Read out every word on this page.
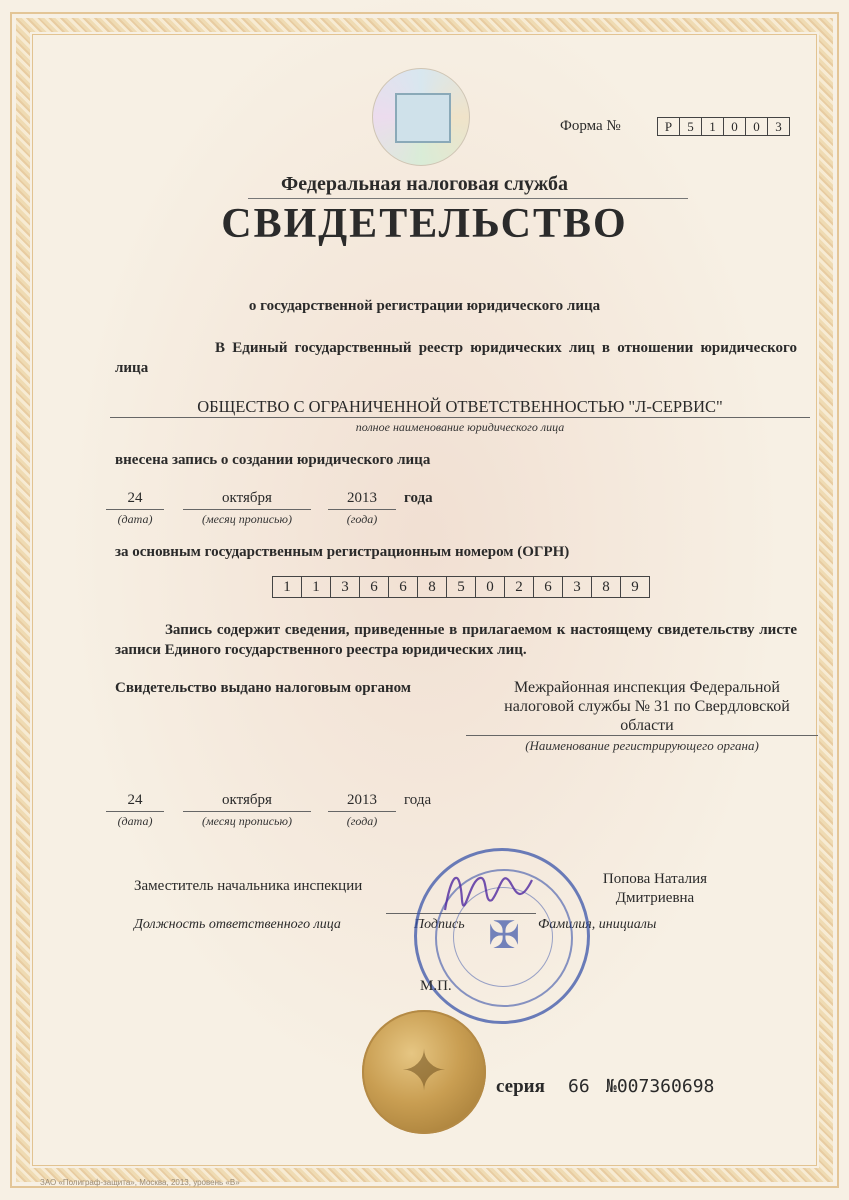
Форма №	Р	5	1	0	0	3
Федеральная налоговая служба
СВИДЕТЕЛЬСТВО
о государственной регистрации юридического лица
В Единый государственный реестр юридических лиц в отношении юридического лица
ОБЩЕСТВО С ОГРАНИЧЕННОЙ ОТВЕТСТВЕННОСТЬЮ "Л-СЕРВИС"
полное наименование юридического лица
внесена запись о создании юридического лица
24
(дата)
октября
(месяц прописью)
2013
(года)
года
за основным государственным регистрационным номером (ОГРН)
1	1	3	6	6	8	5	0	2	6	3	8	9
Запись содержит сведения, приведенные в прилагаемом к настоящему свидетельству листе записи Единого государственного реестра юридических лиц.
Свидетельство выдано налоговым органом	Межрайонная инспекция Федеральной
налоговой службы № 31 по Свердловской
области
(Наименование регистрирующего органа)
24
(дата)
октября
(месяц прописью)
2013
(года)
года
Заместитель начальника инспекции	Попова Наталия
Дмитриевна
Должность ответственного лица	Подпись	Фамилия, инициалы
✠
М.П.
✦	серия 66 №007360698
ЗАО «Полиграф-защита», Москва, 2013, уровень «В»
